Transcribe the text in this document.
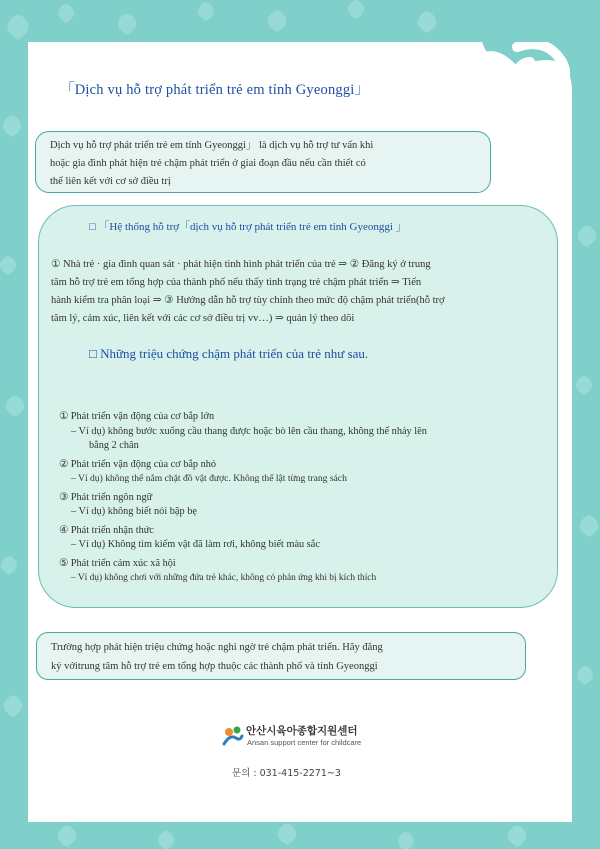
「Dịch vụ hỗ trợ phát triển trẻ em tỉnh Gyeonggi」
Dịch vụ hỗ trợ phát triển trẻ em tỉnh Gyeonggi」 là dịch vụ hỗ trợ tư vấn khi
hoặc gia đình phát hiện trẻ chậm phát triển ở giai đoạn đầu nếu cần thiết có
thể liên kết với cơ sở điều trị
□ 「Hệ thống hỗ trợ「dịch vụ hỗ trợ phát triển trẻ em tỉnh Gyeonggi 」
① Nhà trẻ · gia đình quan sát · phát hiện tình hình phát triển của trẻ ⇒ ② Đăng ký ở trung
tâm hỗ trợ trẻ em tổng hợp của thành phố nếu thấy tình trạng trẻ chậm phát triển ⇒ Tiến
hành kiểm tra phân loại ⇒ ③ Hướng dẫn hỗ trợ tùy chỉnh theo mức độ chậm phát triển(hỗ trợ
tâm lý, cảm xúc, liên kết với các cơ sở điều trị vv…) ⇒ quản lý theo dõi
□ Những triệu chứng chậm phát triển của trẻ như sau.
① Phát triển vận động của cơ bắp lớn
– Ví dụ) không bước xuống cầu thang được hoặc bò lên cầu thang, không thể nhảy lên
bằng 2 chân
② Phát triển vận động của cơ bắp nhỏ
– Ví dụ) không thể nắm chặt đồ vật được. Không thể lật từng trang sách
③ Phát triển ngôn ngữ
– Ví dụ) không biết nói bập bẹ
④ Phát triển nhận thức
– Ví dụ) Không tìm kiếm vật đã làm rơi, không biết màu sắc
⑤ Phát triển cảm xúc xã hội
– Ví dụ) không chơi với những đứa trẻ khác, không có phản ứng khi bị kích thích
Trường hợp phát hiện triệu chứng hoặc nghi ngờ trẻ chậm phát triển. Hãy đăng
ký vớitrung tâm hỗ trợ trẻ em tổng hợp thuộc các thành phố và tỉnh Gyeonggi
안산시육아종합지원센터
Ansan support center for childcare
문의 : 031-415-2271~3
